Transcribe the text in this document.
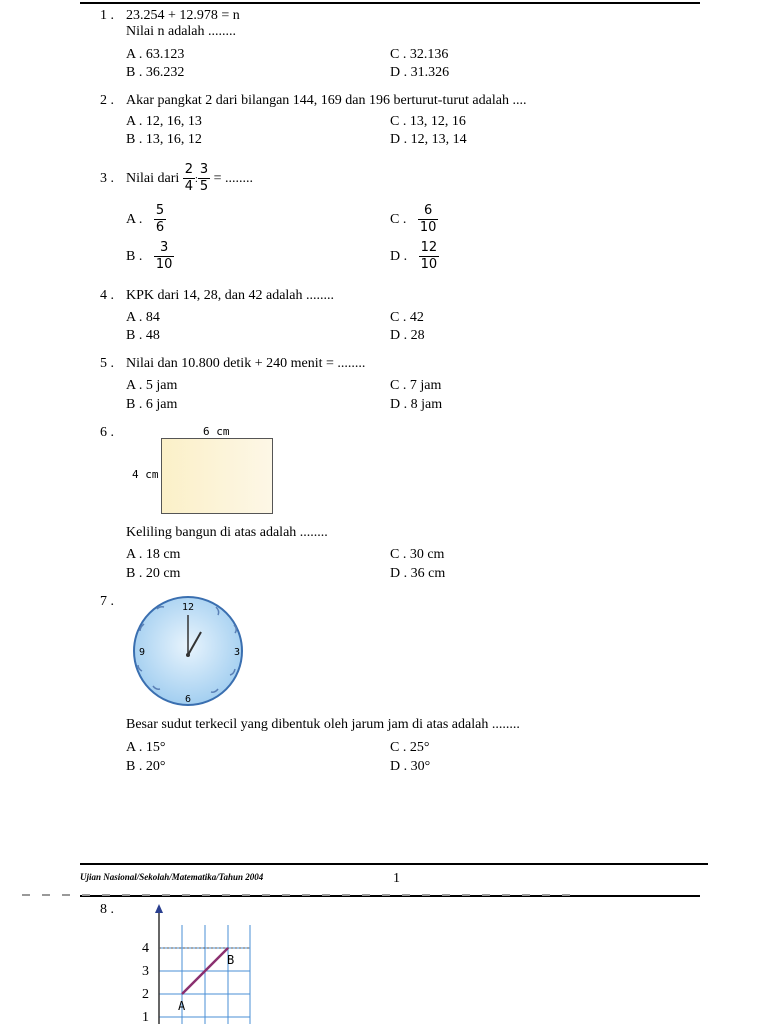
1 . 23.254 + 12.978 = n
Nilai n adalah ........
A . 63.123
B . 36.232
C . 32.136
D . 31.326
2 . Akar pangkat 2 dari bilangan 144, 169 dan 196 berturut-turut adalah ....
A . 12, 16, 13
B . 13, 16, 12
C . 13, 12, 16
D . 12, 13, 14
3 . Nilai dari $\frac{2}{4}$ : $\frac{3}{5}$ = ........
A . $\frac{5}{6}$
B . $\frac{3}{10}$
C . $\frac{6}{10}$
D . $\frac{12}{10}$
4 . KPK dari 14, 28, dan 42 adalah ........
A . 84
B . 48
C . 42
D . 28
5 . Nilai dan 10.800 detik + 240 menit = ........
A . 5 jam
B . 6 jam
C . 7 jam
D . 8 jam
6 .	6 cm
4 cm
Keliling bangun di atas adalah ........
A . 18 cm
B . 20 cm
C . 30 cm
D . 36 cm
7 .	12
3
6
9
Besar sudut terkecil yang dibentuk oleh jarum jam di atas adalah ........
A . 15°
B . 20°
C . 25°
D . 30°
Ujian Nasional/Sekolah/Matematika/Tahun 2004	1
8 .
4
3
2
1
B
A
